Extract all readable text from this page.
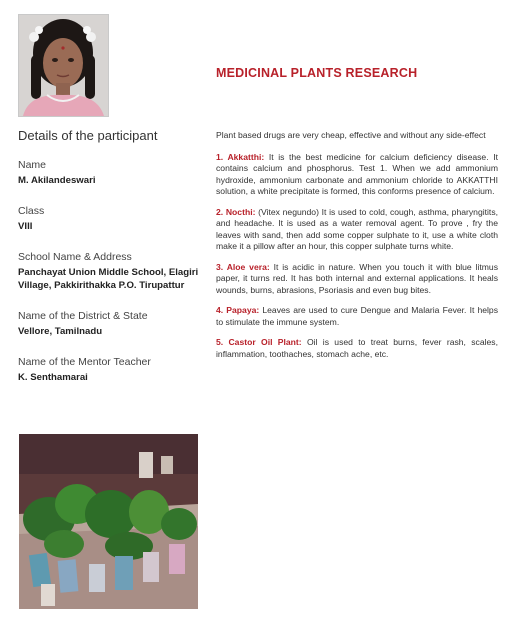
MEDICINAL PLANTS RESEARCH
Details of the participant
Name
M. Akilandeswari
Class
VIII
School Name & Address
Panchayat Union Middle School, Elagiri Village, Pakkirithakka P.O. Tirupattur
Name of the District & State
Vellore, Tamilnadu
Name of the Mentor Teacher
K. Senthamarai

Plant based drugs are very cheap, effective and without any side-effect

1. Akkatthi: It is the best medicine for calcium deficiency disease. It contains calcium and phosphorus. Test 1. When we add ammonium hydroxide, ammonium carbonate and ammonium chloride to AKKATTHI solution, a white precipitate is formed, this conforms presence of calcium.

2. Nocthi: (Vitex negundo) It is used to cold, cough, asthma, pharyngitits, and headache. It is used as a water removal agent. To prove , fry the leaves with sand, then add some copper sulphate to it, use a white cloth make it a pillow after an hour, this copper sulphate turns white.

3. Aloe vera: It is acidic in nature. When you touch it with blue litmus paper, it turns red. It has both internal and external applications. It heals wounds, burns, abrasions, Psoriasis and even bug bites.

4. Papaya: Leaves are used to cure Dengue and Malaria Fever. It helps to stimulate the immune system.

5. Castor Oil Plant: Oil is used to treat burns, fever rash, scales, inflammation, toothaches, stomach ache, etc.
